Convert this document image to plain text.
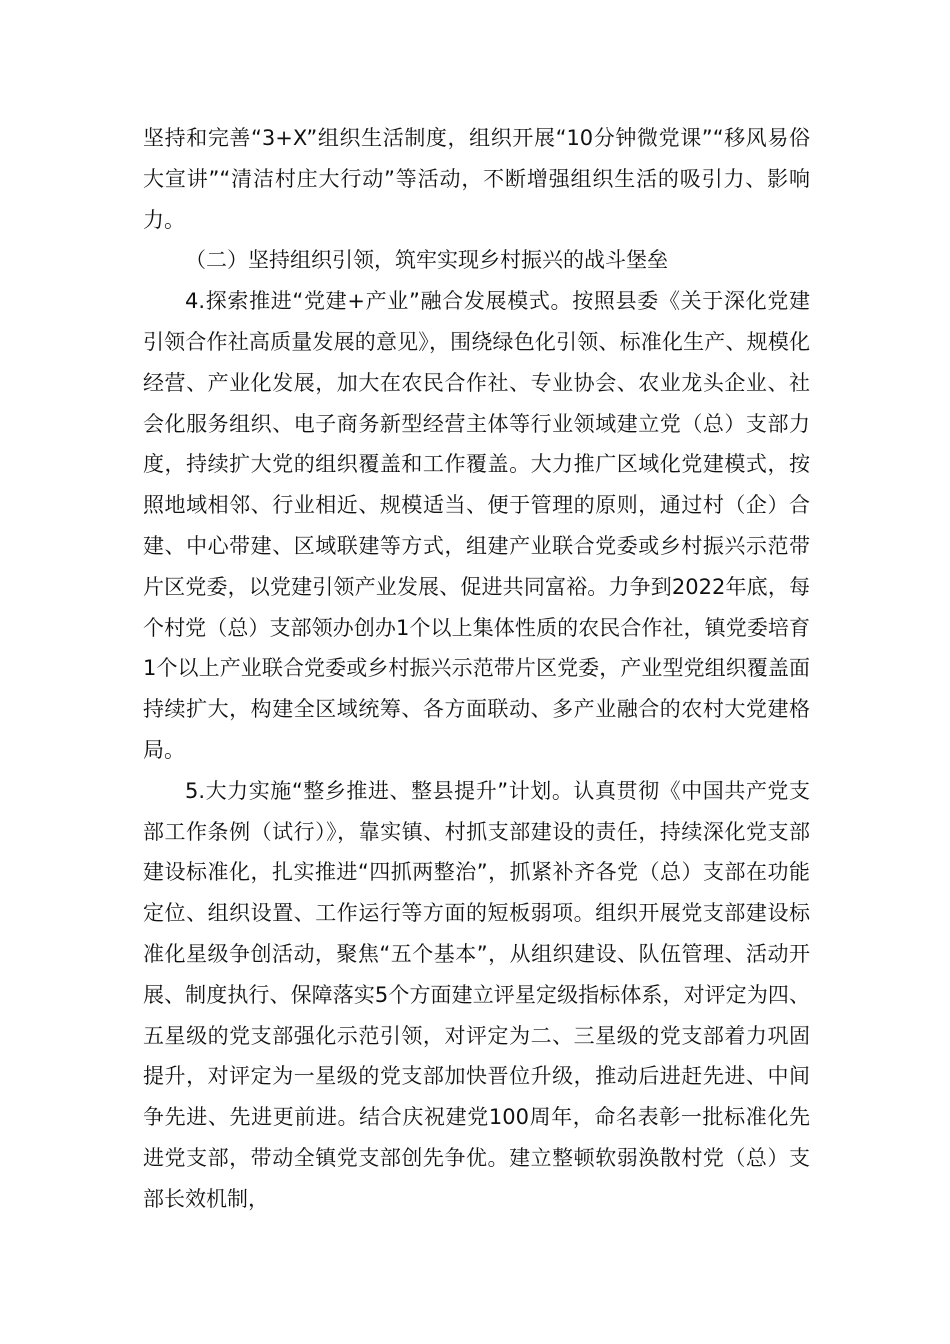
坚持和完善“3+X”组织生活制度，组织开展“10分钟微党课”“移风易俗大宣讲”“清洁村庄大行动”等活动，不断增强组织生活的吸引力、影响力。

（二）坚持组织引领，筑牢实现乡村振兴的战斗堡垒

4.探索推进“党建+产业”融合发展模式。按照县委《关于深化党建引领合作社高质量发展的意见》，围绕绿色化引领、标准化生产、规模化经营、产业化发展，加大在农民合作社、专业协会、农业龙头企业、社会化服务组织、电子商务新型经营主体等行业领域建立党（总）支部力度，持续扩大党的组织覆盖和工作覆盖。大力推广区域化党建模式，按照地域相邻、行业相近、规模适当、便于管理的原则，通过村（企）合建、中心带建、区域联建等方式，组建产业联合党委或乡村振兴示范带片区党委，以党建引领产业发展、促进共同富裕。力争到2022年底，每个村党（总）支部领办创办1个以上集体性质的农民合作社，镇党委培育1个以上产业联合党委或乡村振兴示范带片区党委，产业型党组织覆盖面持续扩大，构建全区域统筹、各方面联动、多产业融合的农村大党建格局。

5.大力实施“整乡推进、整县提升”计划。认真贯彻《中国共产党支部工作条例（试行）》，靠实镇、村抓支部建设的责任，持续深化党支部建设标准化，扎实推进“四抓两整治”，抓紧补齐各党（总）支部在功能定位、组织设置、工作运行等方面的短板弱项。组织开展党支部建设标准化星级争创活动，聚焦“五个基本”，从组织建设、队伍管理、活动开展、制度执行、保障落实5个方面建立评星定级指标体系，对评定为四、五星级的党支部强化示范引领，对评定为二、三星级的党支部着力巩固提升，对评定为一星级的党支部加快晋位升级，推动后进赶先进、中间争先进、先进更前进。结合庆祝建党100周年，命名表彰一批标准化先进党支部，带动全镇党支部创先争优。建立整顿软弱涣散村党（总）支部长效机制，
